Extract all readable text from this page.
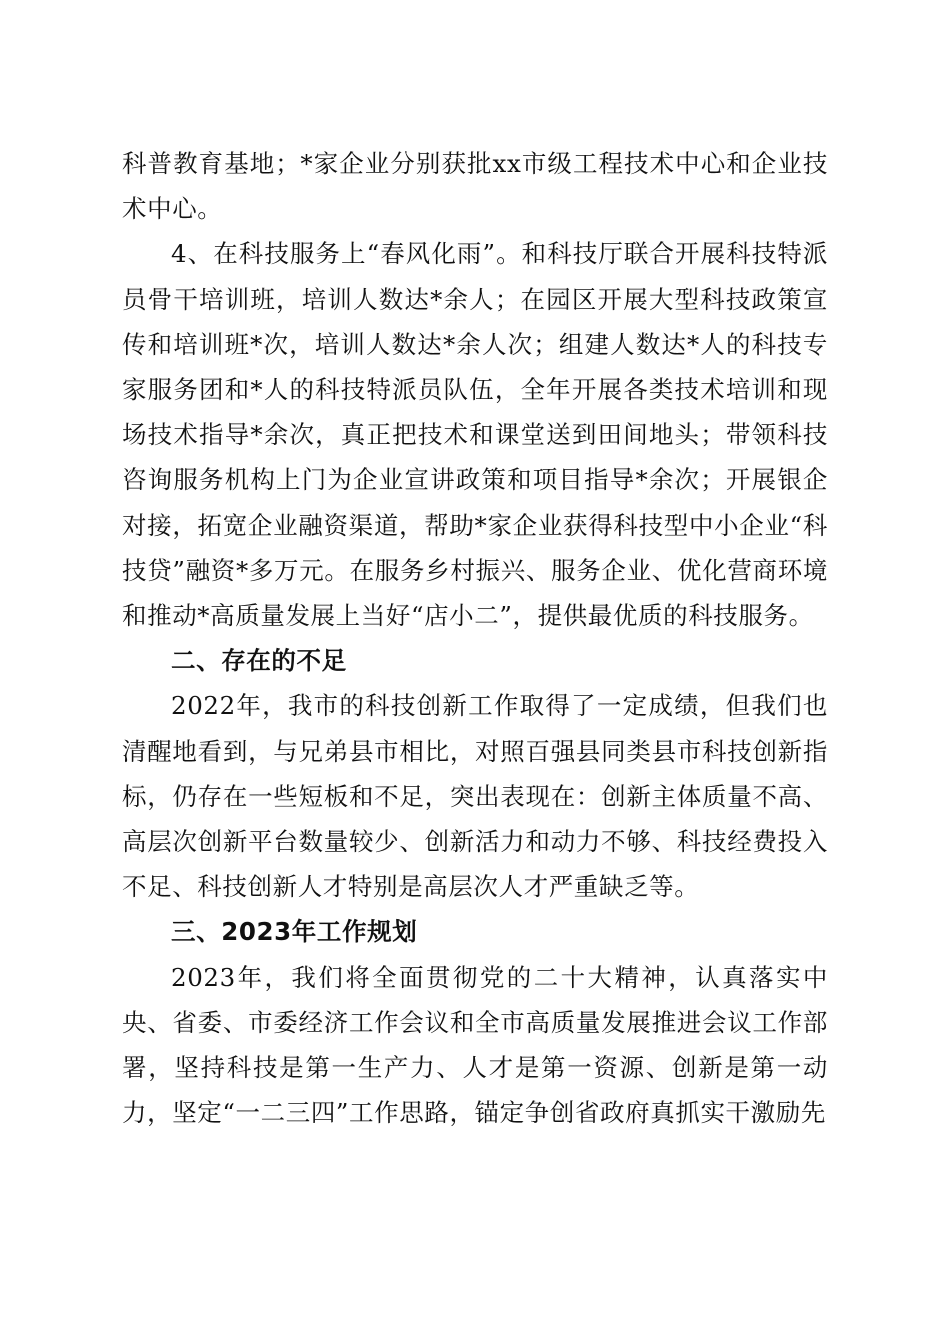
科普教育基地；*家企业分别获批xx市级工程技术中心和企业技术中心。

4、在科技服务上“春风化雨”。和科技厅联合开展科技特派员骨干培训班，培训人数达*余人；在园区开展大型科技政策宣传和培训班*次，培训人数达*余人次；组建人数达*人的科技专家服务团和*人的科技特派员队伍，全年开展各类技术培训和现场技术指导*余次，真正把技术和课堂送到田间地头；带领科技咨询服务机构上门为企业宣讲政策和项目指导*余次；开展银企对接，拓宽企业融资渠道，帮助*家企业获得科技型中小企业“科技贷”融资*多万元。在服务乡村振兴、服务企业、优化营商环境和推动*高质量发展上当好“店小二”，提供最优质的科技服务。

二、存在的不足

2022年，我市的科技创新工作取得了一定成绩，但我们也清醒地看到，与兄弟县市相比，对照百强县同类县市科技创新指标，仍存在一些短板和不足，突出表现在：创新主体质量不高、高层次创新平台数量较少、创新活力和动力不够、科技经费投入不足、科技创新人才特别是高层次人才严重缺乏等。

三、2023年工作规划

2023年，我们将全面贯彻党的二十大精神，认真落实中央、省委、市委经济工作会议和全市高质量发展推进会议工作部署，坚持科技是第一生产力、人才是第一资源、创新是第一动力，坚定“一二三四”工作思路，锚定争创省政府真抓实干激励先
